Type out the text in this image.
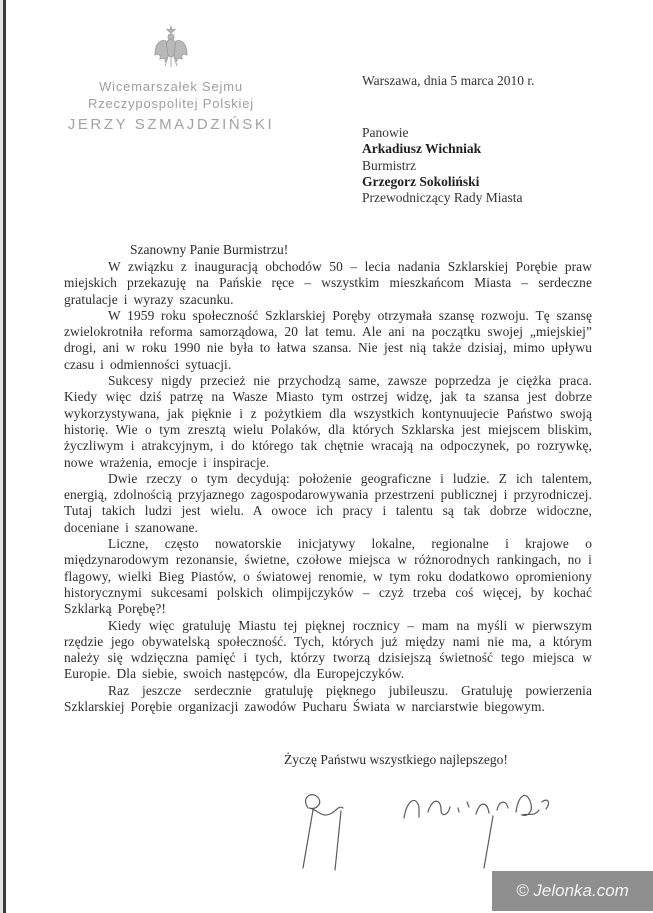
Wicemarszałek Sejmu
Rzeczypospolitej Polskiej
JERZY SZMAJDZIŃSKI
Warszawa, dnia 5 marca 2010 r.
Panowie
Arkadiusz Wichniak
Burmistrz
Grzegorz Sokoliński
Przewodniczący Rady Miasta
Szanowny Panie Burmistrzu!

W związku z inauguracją obchodów 50 – lecia nadania Szklarskiej Porębie praw miejskich przekazuję na Pańskie ręce – wszystkim mieszkańcom Miasta – serdeczne gratulacje i wyrazy szacunku.

W 1959 roku społeczność Szklarskiej Poręby otrzymała szansę rozwoju. Tę szansę zwielokrotniła reforma samorządowa, 20 lat temu. Ale ani na początku swojej „miejskiej” drogi, ani w roku 1990 nie była to łatwa szansa. Nie jest nią także dzisiaj, mimo upływu czasu i odmienności sytuacji.

Sukcesy nigdy przecież nie przychodzą same, zawsze poprzedza je ciężka praca. Kiedy więc dziś patrzę na Wasze Miasto tym ostrzej widzę, jak ta szansa jest dobrze wykorzystywana, jak pięknie i z pożytkiem dla wszystkich kontynuujecie Państwo swoją historię. Wie o tym zresztą wielu Polaków, dla których Szklarska jest miejscem bliskim, życzliwym i atrakcyjnym, i do którego tak chętnie wracają na odpoczynek, po rozrywkę, nowe wrażenia, emocje i inspiracje.

Dwie rzeczy o tym decydują: położenie geograficzne i ludzie. Z ich talentem, energią, zdolnością przyjaznego zagospodarowywania przestrzeni publicznej i przyrodniczej. Tutaj takich ludzi jest wielu. A owoce ich pracy i talentu są tak dobrze widoczne, doceniane i szanowane.

Liczne, często nowatorskie inicjatywy lokalne, regionalne i krajowe o międzynarodowym rezonansie, świetne, czołowe miejsca w różnorodnych rankingach, no i flagowy, wielki Bieg Piastów, o światowej renomie, w tym roku dodatkowo opromieniony historycznymi sukcesami polskich olimpijczyków – czyż trzeba coś więcej, by kochać Szklarką Porębę?!

Kiedy więc gratuluję Miastu tej pięknej rocznicy – mam na myśli w pierwszym rzędzie jego obywatelską społeczność. Tych, których już między nami nie ma, a którym należy się wdzięczna pamięć i tych, którzy tworzą dzisiejszą świetność tego miejsca w Europie. Dla siebie, swoich następców, dla Europejczyków.

Raz jeszcze serdecznie gratuluję pięknego jubileuszu. Gratuluję powierzenia Szklarskiej Porębie organizacji zawodów Pucharu Świata w narciarstwie biegowym.

Życzę Państwu wszystkiego najlepszego!
© Jelonka.com
